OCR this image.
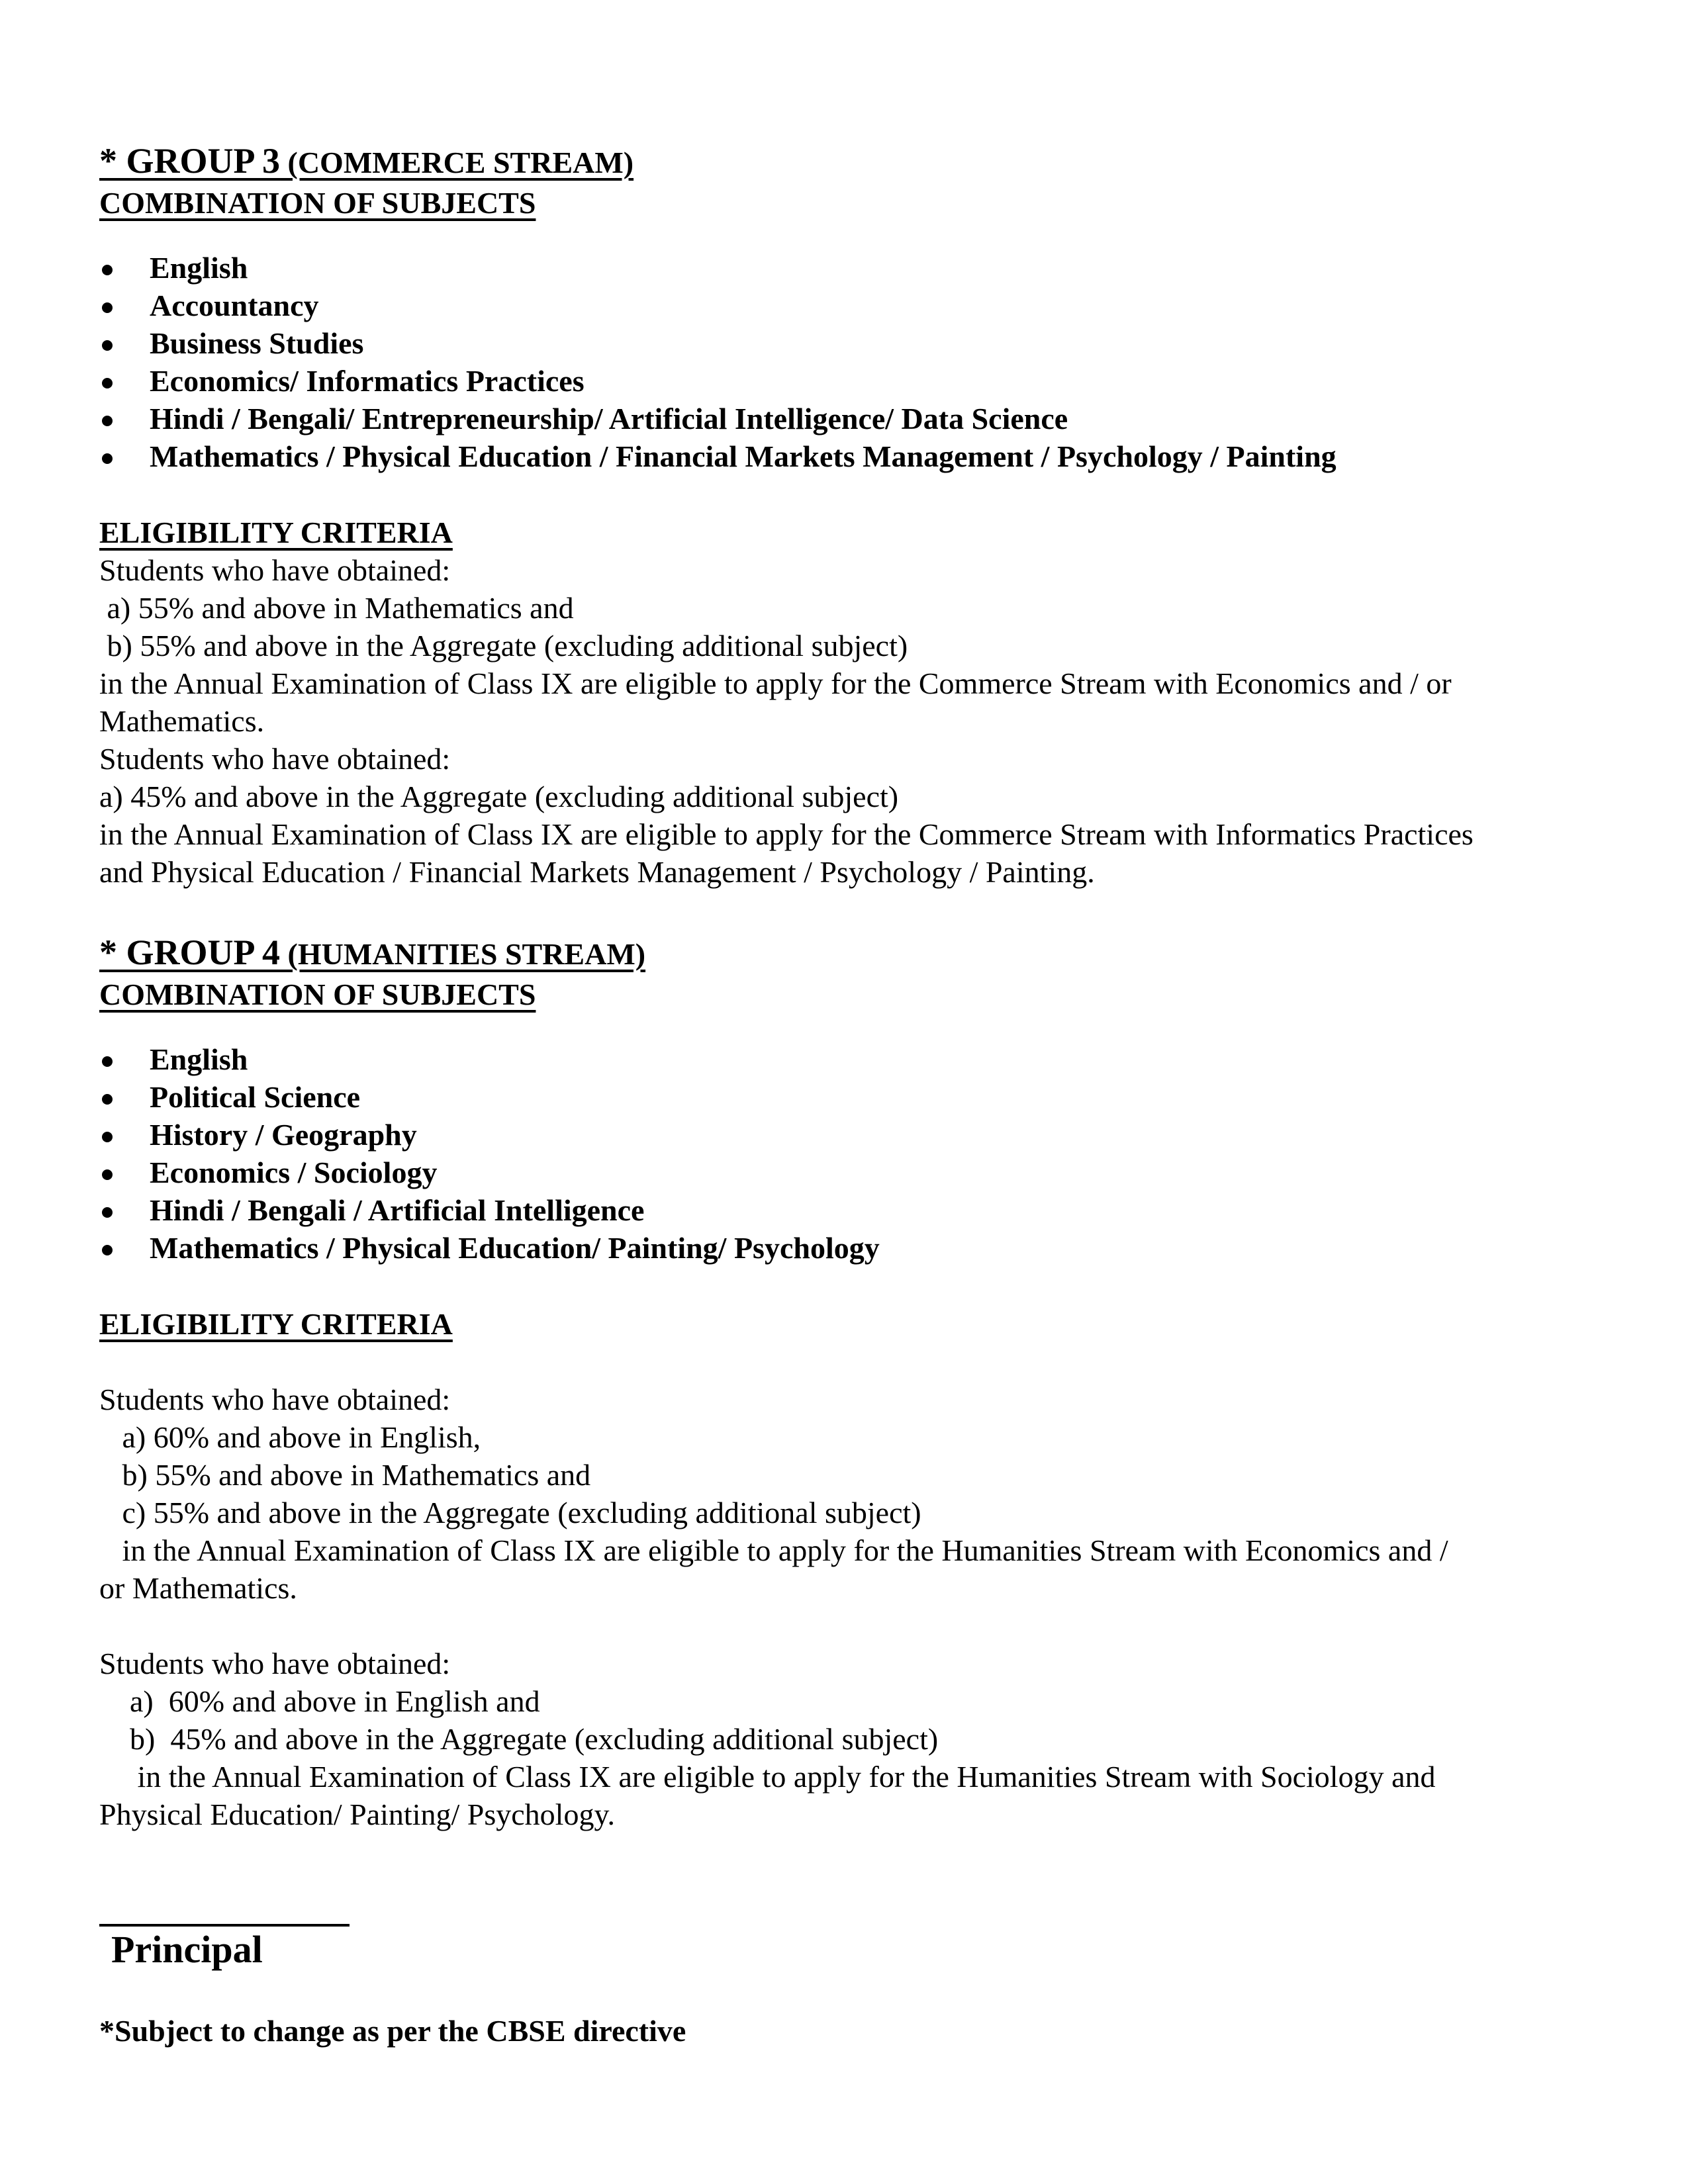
* GROUP 3 (COMMERCE STREAM)
COMBINATION OF SUBJECTS
English
Accountancy
Business Studies
Economics/ Informatics Practices
Hindi / Bengali/ Entrepreneurship/ Artificial Intelligence/ Data Science
Mathematics / Physical Education / Financial Markets Management / Psychology / Painting
ELIGIBILITY CRITERIA
Students who have obtained:
a) 55% and above in Mathematics and
b) 55% and above in the Aggregate (excluding additional subject)
in the Annual Examination of Class IX are eligible to apply for the Commerce Stream with Economics and / or
Mathematics.
Students who have obtained:
a) 45% and above in the Aggregate (excluding additional subject)
in the Annual Examination of Class IX are eligible to apply for the Commerce Stream with Informatics Practices
and Physical Education / Financial Markets Management / Psychology / Painting.
* GROUP 4 (HUMANITIES STREAM)
COMBINATION OF SUBJECTS
English
Political Science
History / Geography
Economics / Sociology
Hindi / Bengali / Artificial Intelligence
Mathematics / Physical Education/ Painting/ Psychology
ELIGIBILITY CRITERIA
Students who have obtained:
a) 60% and above in English,
b) 55% and above in Mathematics and
c) 55% and above in the Aggregate (excluding additional subject)
in the Annual Examination of Class IX are eligible to apply for the Humanities Stream with Economics and /
or Mathematics.
Students who have obtained:
a)  60% and above in English and
b)  45% and above in the Aggregate (excluding additional subject)
in the Annual Examination of Class IX are eligible to apply for the Humanities Stream with Sociology and
Physical Education/ Painting/ Psychology.
Principal
*Subject to change as per the CBSE directive
